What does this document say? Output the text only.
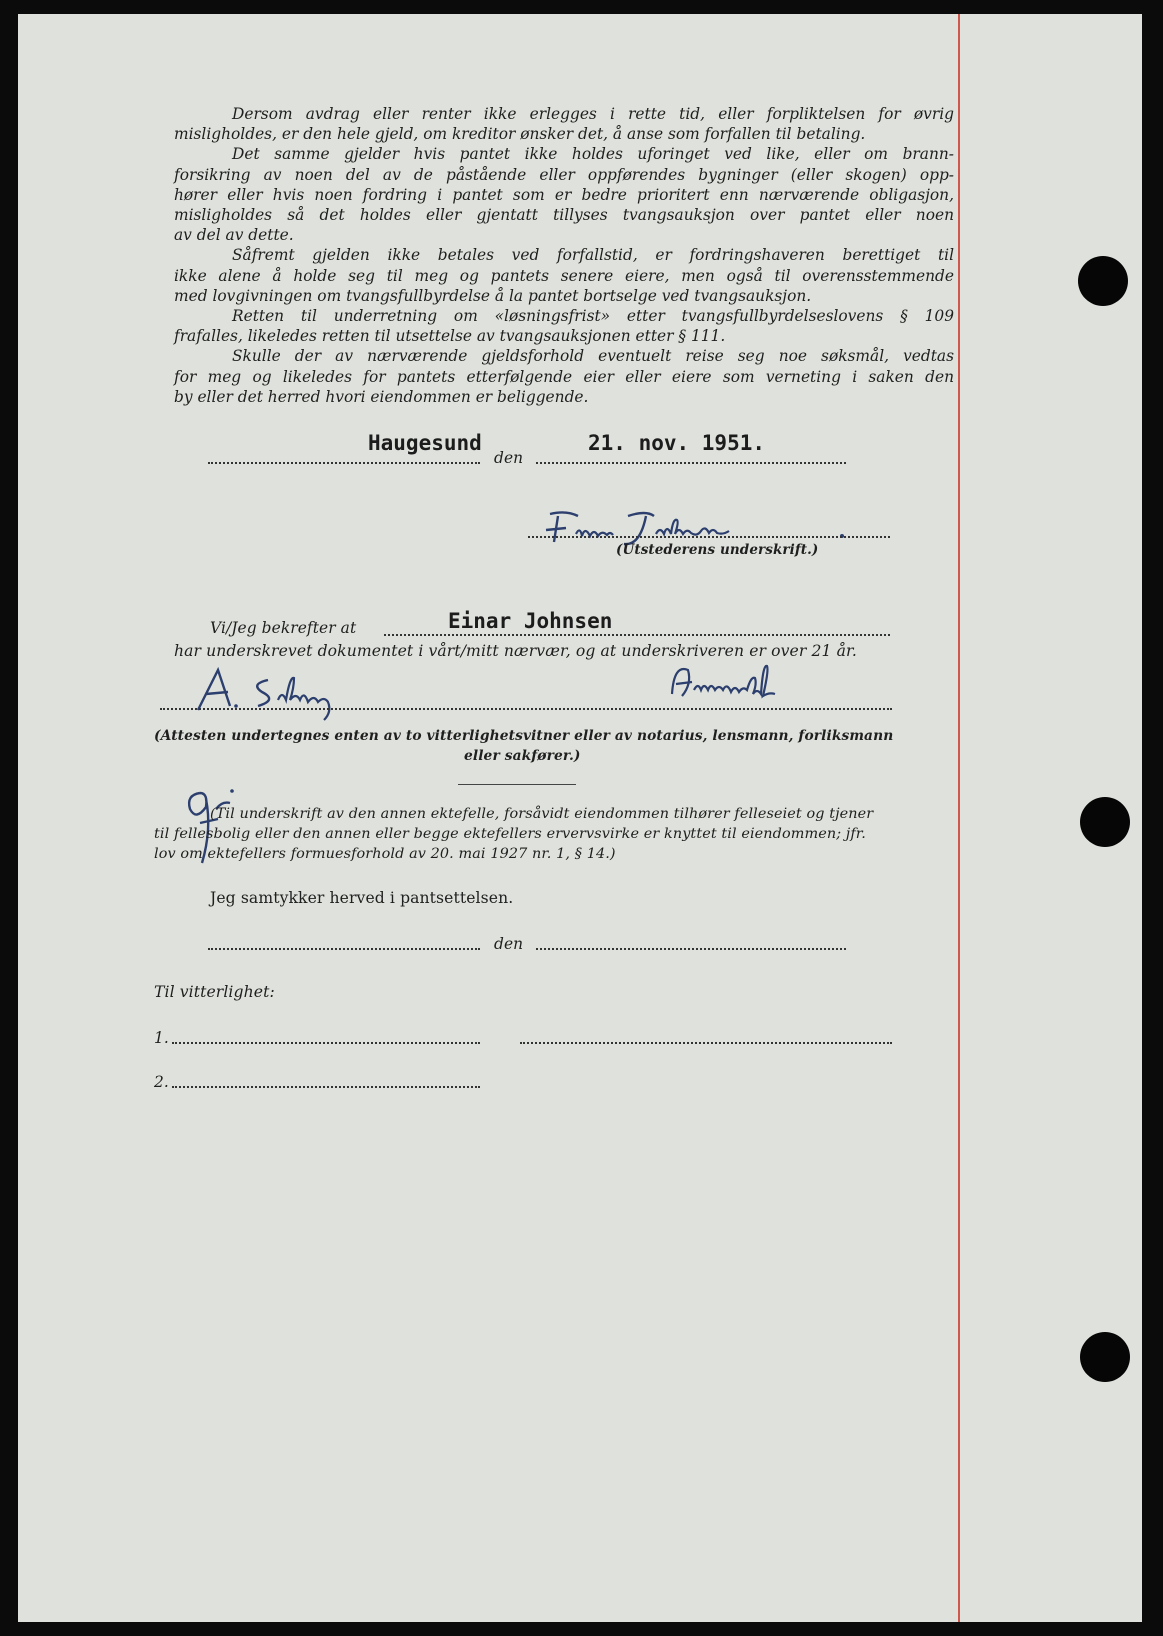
Dersom avdrag eller renter ikke erlegges i rette tid, eller forpliktelsen for øvrig

misligholdes, er den hele gjeld, om kreditor ønsker det, å anse som forfallen til betaling.

Det samme gjelder hvis pantet ikke holdes uforinget ved like, eller om brann-

forsikring av noen del av de påstående eller oppførendes bygninger (eller skogen) opp-

hører eller hvis noen fordring i pantet som er bedre prioritert enn nærværende obligasjon,

misligholdes så det holdes eller gjentatt tillyses tvangsauksjon over pantet eller noen

av del av dette.

Såfremt gjelden ikke betales ved forfallstid, er fordringshaveren berettiget til

ikke alene å holde seg til meg og pantets senere eiere, men også til overensstemmende

med lovgivningen om tvangsfullbyrdelse å la pantet bortselge ved tvangsauksjon.

Retten til underretning om «løsningsfrist» etter tvangsfullbyrdelseslovens § 109

frafalles, likeledes retten til utsettelse av tvangsauksjonen etter § 111.

Skulle der av nærværende gjeldsforhold eventuelt reise seg noe søksmål, vedtas

for meg og likeledes for pantets etterfølgende eier eller eiere som verneting i saken den

by eller det herred hvori eiendommen er beliggende.

Haugesund
den
21. nov. 1951.
(Utstederens underskrift.)
Vi/Jeg bekrefter at	Einar Johnsen
har underskrevet dokumentet i vårt/mitt nærvær, og at underskriveren er over 21 år.
(Attesten undertegnes enten av to vitterlighetsvitner eller av notarius, lensmann, forliksmann
eller sakfører.)
(Til underskrift av den annen ektefelle, forsåvidt eiendommen tilhører felleseiet og tjener
til fellesbolig eller den annen eller begge ektefellers ervervsvirke er knyttet til eiendommen; jfr.
lov om ektefellers formuesforhold av 20. mai 1927 nr. 1, § 14.)
Jeg samtykker herved i pantsettelsen.
den
Til vitterlighet:
1.
2.
